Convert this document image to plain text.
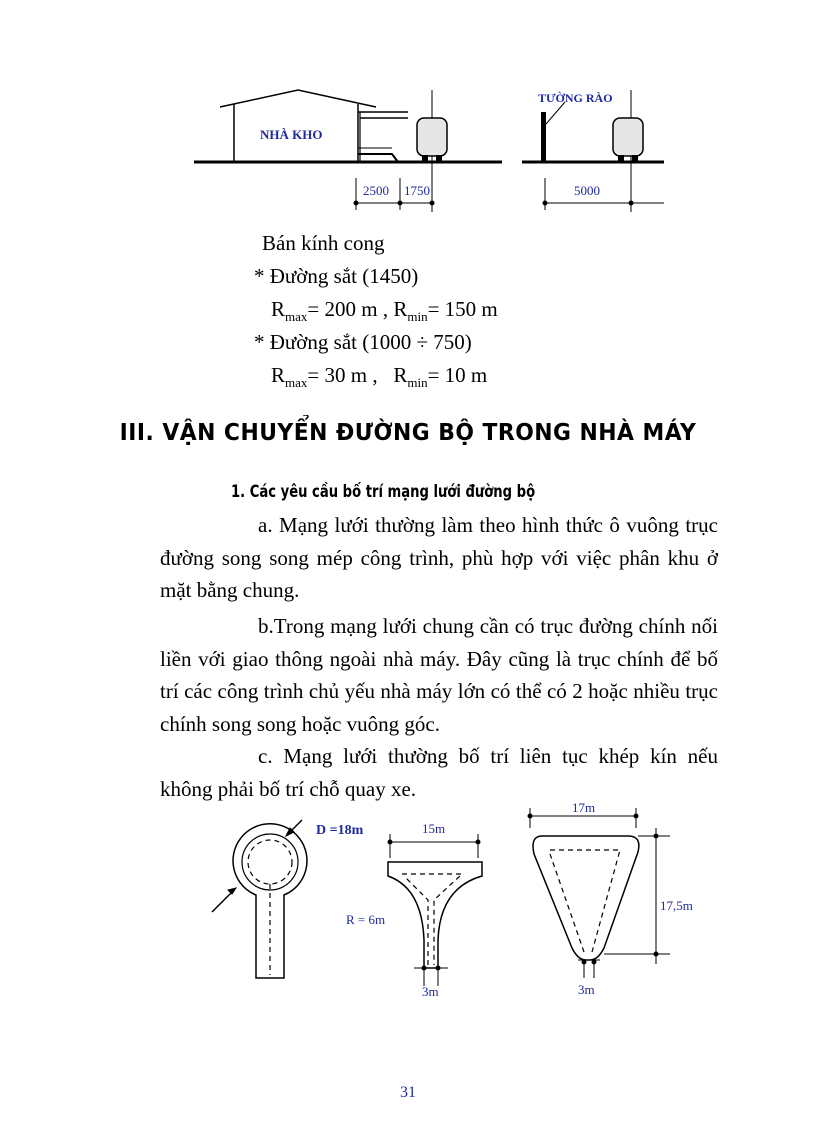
NHÀ KHO
TƯỜNG RÀO
2500 1750	5000
Bán kính cong
* Đường sắt (1450)
$R_{max}= 200$ m , $R_{min}= 150$ m
* Đường sắt (1000 ÷ 750)
$R_{max}= 30$ m , $R_{min}= 10$ m
III. VẬN CHUYỂN ĐƯỜNG BỘ TRONG NHÀ MÁY
1. Các yêu cầu bố trí mạng lưới đường bộ

a. Mạng lưới thường làm theo hình thức ô vuông trục đường song song mép công trình, phù hợp với việc phân khu ở mặt bằng chung.

b.Trong mạng lưới chung cần có trục đường chính nối liền với giao thông ngoài nhà máy. Đây cũng là trục chính để bố trí các công trình chủ yếu nhà máy lớn có thể có 2 hoặc nhiều trục chính song song hoặc vuông góc.

c. Mạng lưới thường bố trí liên tục khép kín nếu không phải bố trí chỗ quay xe.

D =18m	15m
R = 6m
3m
17m
17,5m
3m
31
